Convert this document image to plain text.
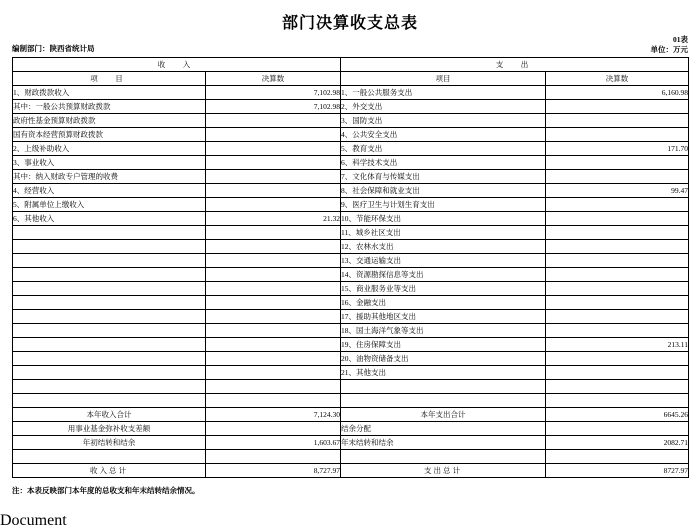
部门决算收支总表
编制部门：陕西省统计局
01表
单位：万元
收　入		支　出	
项　目	决算数	项目	决算数
1、财政拨款收入	7,102.98	1、一般公共服务支出	6,160.98
其中：一般公共预算财政拨款	7,102.98	2、外交支出	
政府性基金预算财政拨款		3、国防支出	
国有资本经营预算财政拨款		4、公共安全支出	
2、上级补助收入		5、教育支出	171.70
3、事业收入		6、科学技术支出	
其中：纳入财政专户管理的收费		7、文化体育与传媒支出	
4、经营收入		8、社会保障和就业支出	99.47
5、附属单位上缴收入		9、医疗卫生与计划生育支出	
6、其他收入	21.32	10、节能环保支出	
		11、城乡社区支出	
		12、农林水支出	
		13、交通运输支出	
		14、资源勘探信息等支出	
		15、商业服务业等支出	
		16、金融支出	
		17、援助其他地区支出	
		18、国土海洋气象等支出	
		19、住房保障支出	213.11
		20、油物资储备支出	
		21、其他支出	

本年收入合计	7,124.30	本年支出合计	6645.26
用事业基金弥补收支差额		结余分配	
年初结转和结余	1,603.67	年末结转和结余	2082.71

收入总计	8,727.97	支出总计	8727.97
注：本表反映部门本年度的总收支和年末结转结余情况。
Document
